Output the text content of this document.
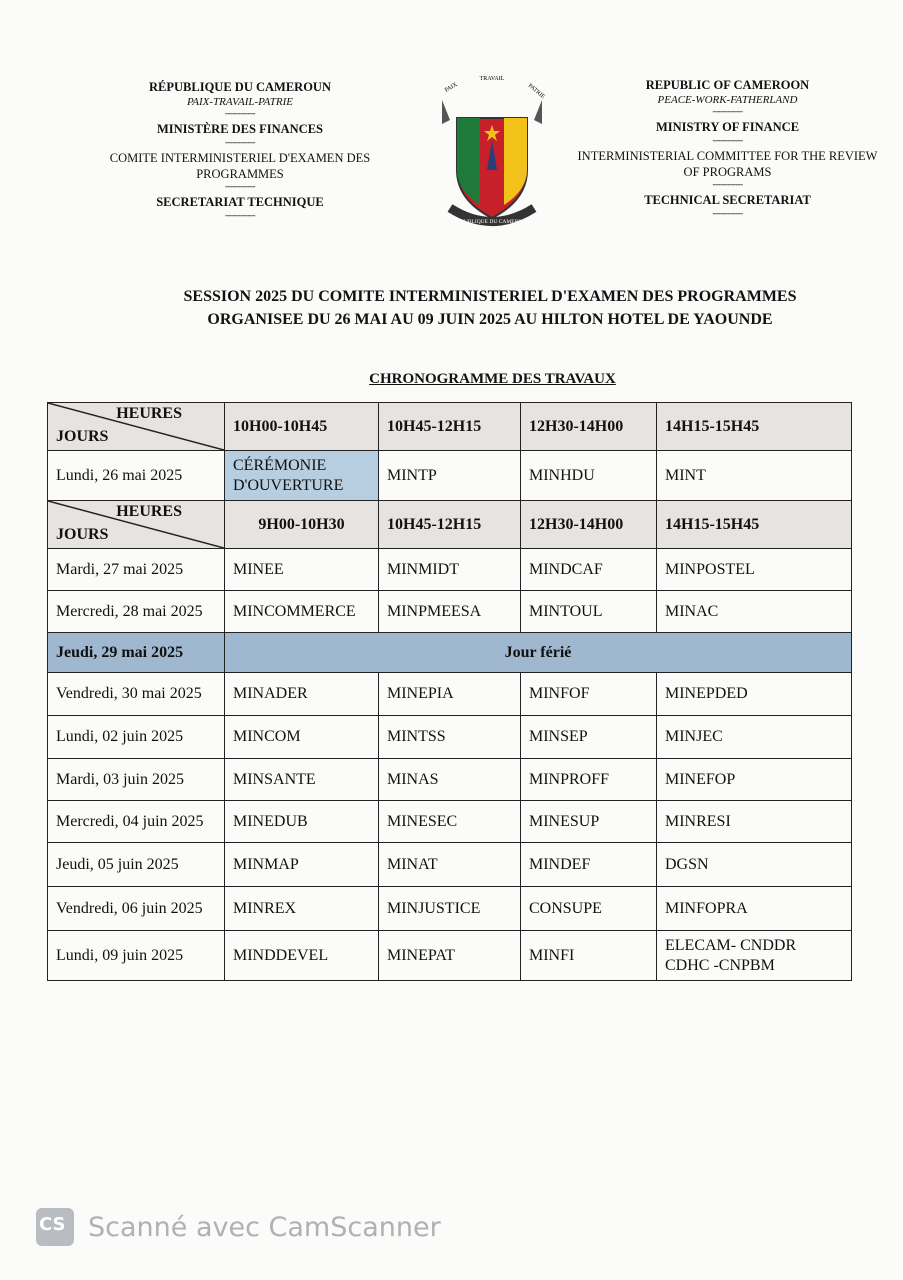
RÉPUBLIQUE DU CAMEROUN
PAIX-TRAVAIL-PATRIE
------------
MINISTÈRE DES FINANCES
------------
COMITE INTERMINISTERIEL D'EXAMEN DES
PROGRAMMES
------------
SECRETARIAT TECHNIQUE
------------
TRAVAIL
PAIX	PATRIE
RÉPUBLIQUE DU CAMEROUN
REPUBLIC OF CAMEROON
PEACE-WORK-FATHERLAND
------------
MINISTRY OF FINANCE
------------
INTERMINISTERIAL COMMITTEE FOR THE REVIEW
OF PROGRAMS
------------
TECHNICAL SECRETARIAT
------------
SESSION 2025 DU COMITE INTERMINISTERIEL D'EXAMEN DES PROGRAMMES
ORGANISEE DU 26 MAI AU 09 JUIN 2025 AU HILTON HOTEL DE YAOUNDE
CHRONOGRAMME DES TRAVAUX
HEURES
JOURS	10H00-10H45	10H45-12H15	12H30-14H00	14H15-15H45
Lundi, 26 mai 2025	CÉRÉMONIE D'OUVERTURE	MINTP	MINHDU	MINT

HEURES
JOURS	9H00-10H30	10H45-12H15	12H30-14H00	14H15-15H45
Mardi, 27 mai 2025	MINEE	MINMIDT	MINDCAF	MINPOSTEL
Mercredi, 28 mai 2025	MINCOMMERCE	MINPMEESA	MINTOUL	MINAC
Jeudi, 29 mai 2025	Jour férié			
Vendredi, 30 mai 2025	MINADER	MINEPIA	MINFOF	MINEPDED
Lundi, 02 juin 2025	MINCOM	MINTSS	MINSEP	MINJEC
Mardi, 03 juin 2025	MINSANTE	MINAS	MINPROFF	MINEFOP
Mercredi, 04 juin 2025	MINEDUB	MINESEC	MINESUP	MINRESI
Jeudi, 05 juin 2025	MINMAP	MINAT	MINDEF	DGSN
Vendredi, 06 juin 2025	MINREX	MINJUSTICE	CONSUPE	MINFOPRA
Lundi, 09 juin 2025	MINDDEVEL	MINEPAT	MINFI	ELECAM- CNDDR CDHC -CNPBM
CS Scanné avec CamScanner
